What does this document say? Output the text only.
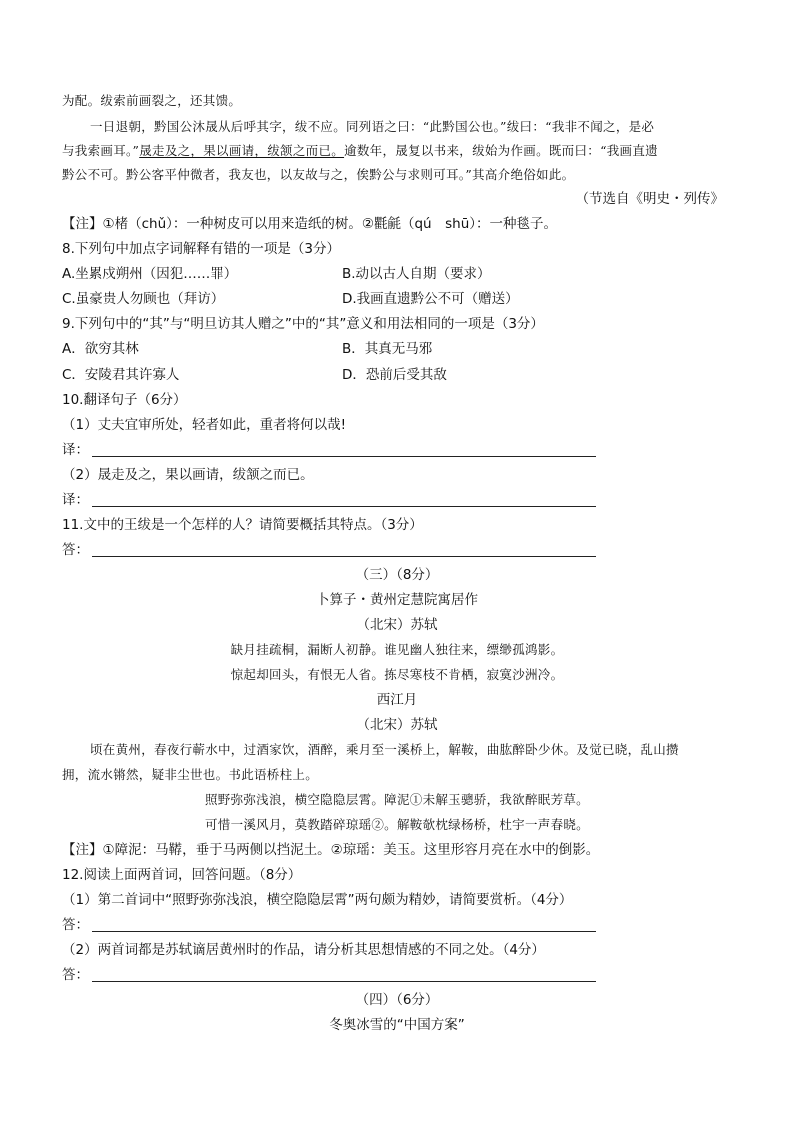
为配。绂索前画裂之，还其馈。
一日退朝，黔国公沐晟从后呼其字，绂不应。同列语之曰：“此黔国公也。”绂曰：“我非不闻之，是必
与我索画耳。”晟走及之，果以画请，绂颔之而已。逾数年，晟复以书来，绂始为作画。既而曰：“我画直遗
黔公不可。黔公客平仲微者，我友也，以友故与之，俟黔公与求则可耳。”其高介绝俗如此。
（节选自《明史・列传》
【注】①楮（chǔ）：一种树皮可以用来造纸的树。②氍毹（qú　shū）：一种毯子。
8.下列句中加点字词解释有错的一项是（3分）
A.坐累戍朔州（因犯……罪）	B.动以古人自期（要求）
C.虽豪贵人勿顾也（拜访）	D.我画直遗黔公不可（赠送）
9.下列句中的“其”与“明旦访其人赠之”中的“其”意义和用法相同的一项是（3分）
A．欲穷其林	B．其真无马邪
C．安陵君其许寡人	D．恐前后受其敌
10.翻译句子（6分）
（1）丈夫宜审所处，轻者如此，重者将何以哉!
译：
（2）晟走及之，果以画请，绂颔之而已。
译：
11.文中的王绂是一个怎样的人？请简要概括其特点。（3分）
答：
（三）（8分）
卜算子・黄州定慧院寓居作
（北宋）苏轼
缺月挂疏桐，漏断人初静。谁见幽人独往来，缥缈孤鸿影。
惊起却回头，有恨无人省。拣尽寒枝不肯栖，寂寞沙洲冷。
西江月
（北宋）苏轼
顷在黄州，春夜行蕲水中，过酒家饮，酒醉，乘月至一溪桥上，解鞍，曲肱醉卧少休。及觉已晓，乱山攒
拥，流水锵然，疑非尘世也。书此语桥柱上。
照野弥弥浅浪，横空隐隐层霄。障泥①未解玉骢骄，我欲醉眠芳草。
可惜一溪风月，莫教踏碎琼瑶②。解鞍欹枕绿杨桥，杜宇一声春晓。
【注】①障泥：马鞯，垂于马两侧以挡泥土。②琼瑶：美玉。这里形容月亮在水中的倒影。
12.阅读上面两首词，回答问题。（8分）
（1）第二首词中“照野弥弥浅浪，横空隐隐层霄”两句颇为精妙，请简要赏析。（4分）
答：
（2）两首词都是苏轼谪居黄州时的作品，请分析其思想情感的不同之处。（4分）
答：
（四）（6分）
冬奥冰雪的“中国方案”
